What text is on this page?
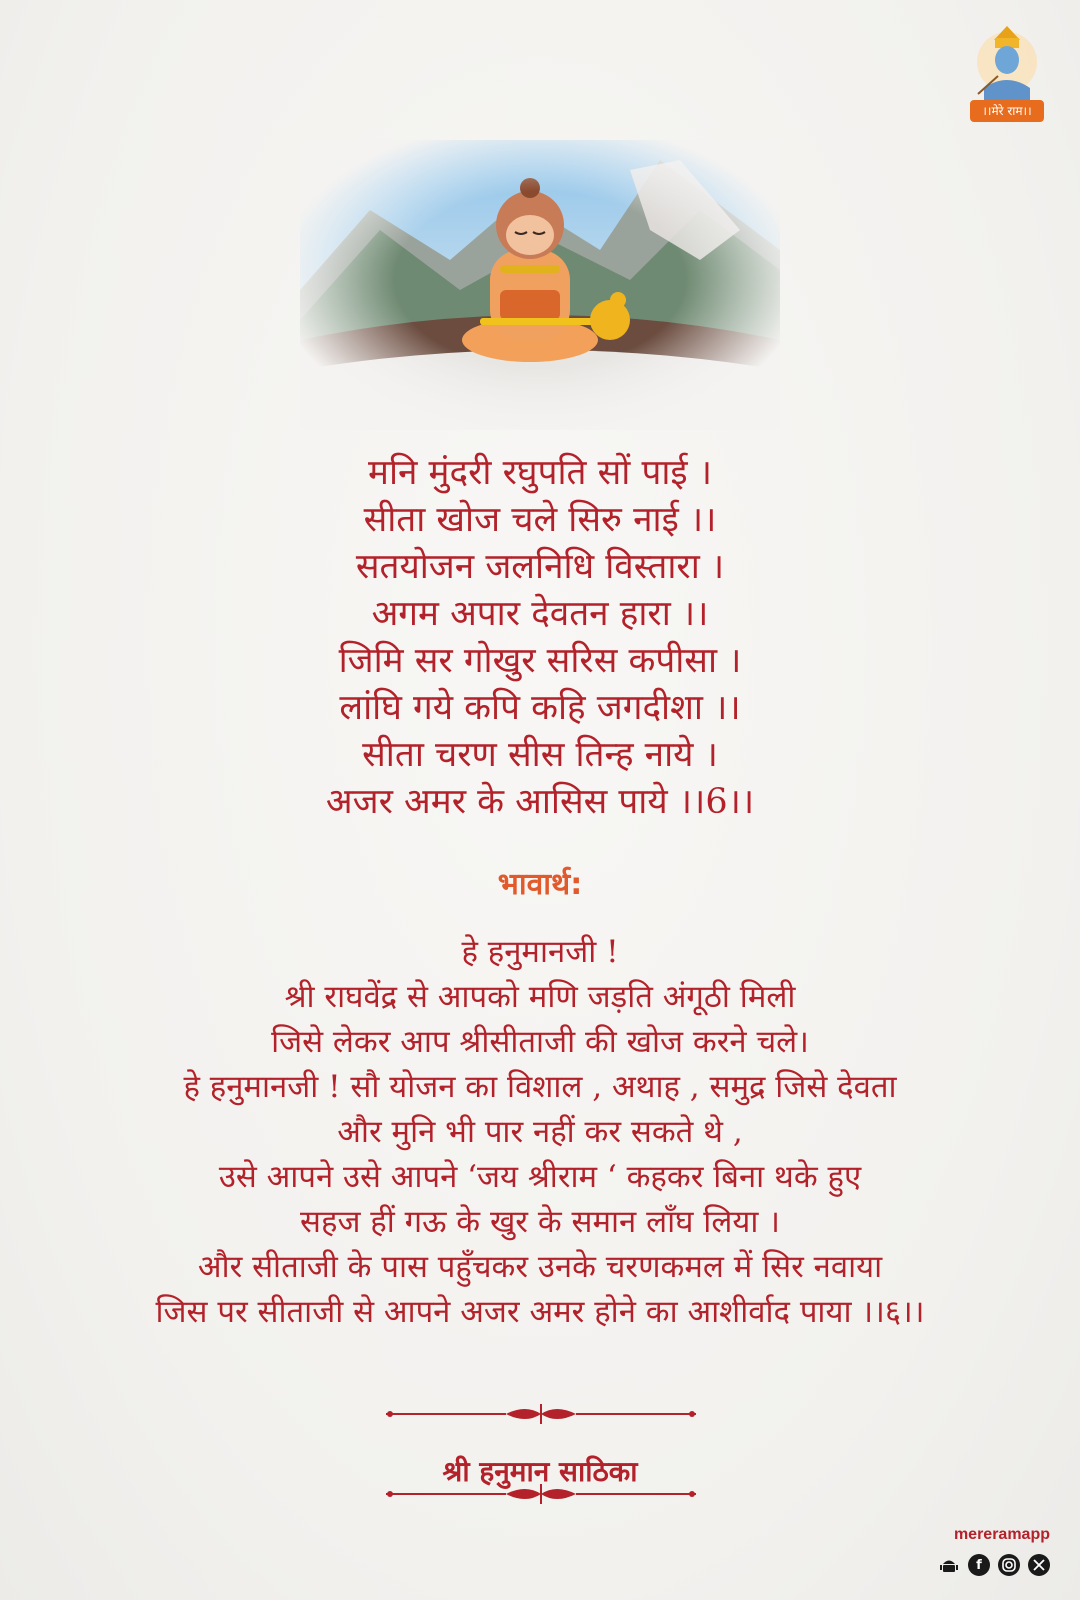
।।मेरे राम।।
मनि मुंदरी रघुपति सों पाई ।
सीता खोज चले सिरु नाई ।।
सतयोजन जलनिधि विस्तारा ।
अगम अपार देवतन हारा ।।
जिमि सर गोखुर सरिस कपीसा ।
लांघि गये कपि कहि जगदीशा ।।
सीता चरण सीस तिन्ह नाये ।
अजर अमर के आसिस पाये ।।6।।
भावार्थ:
हे हनुमानजी !
श्री राघवेंद्र से आपको मणि जड़ति अंगूठी मिली
जिसे लेकर आप श्रीसीताजी की खोज करने चले।
हे हनुमानजी ! सौ योजन का विशाल , अथाह , समुद्र जिसे देवता
और मुनि भी पार नहीं कर सकते थे ,
उसे आपने उसे आपने ‘जय श्रीराम ‘ कहकर बिना थके हुए
सहज हीं गऊ के खुर के समान लाँघ लिया ।
और सीताजी के पास पहुँचकर उनके चरणकमल में सिर नवाया
जिस पर सीताजी से आपने अजर अमर होने का आशीर्वाद पाया ।।६।।
श्री हनुमान साठिका
mereramapp
f
